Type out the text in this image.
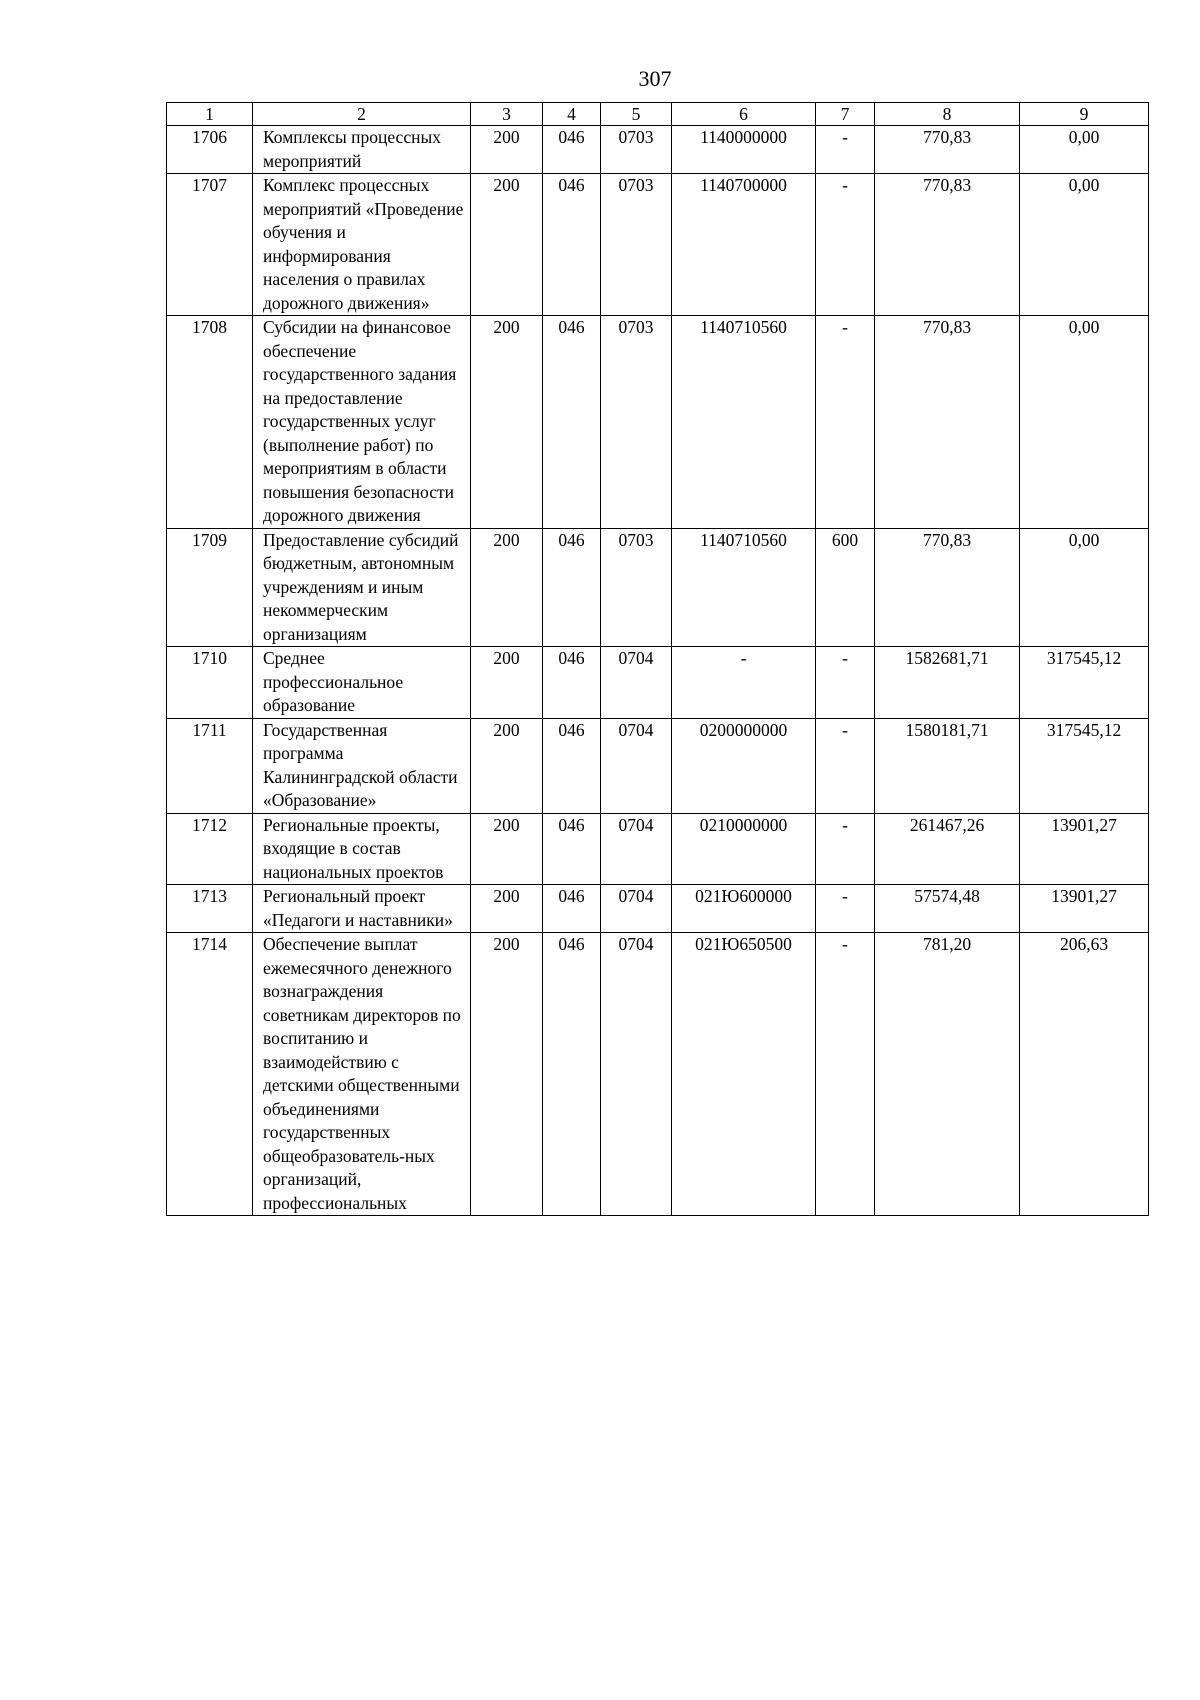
307
1	2	3	4	5	6	7	8	9
1706	Комплексы процессных мероприятий	200	046	0703	1140000000	-	770,83	0,00
1707	Комплекс процессных мероприятий «Проведение обучения и информирования населения о правилах дорожного движения»	200	046	0703	1140700000	-	770,83	0,00
1708	Субсидии на финансовое обеспечение государственного задания на предоставление государственных услуг (выполнение работ) по мероприятиям в области повышения безопасности дорожного движения	200	046	0703	1140710560	-	770,83	0,00
1709	Предоставление субсидий бюджетным, автономным учреждениям и иным некоммерческим организациям	200	046	0703	1140710560	600	770,83	0,00
1710	Среднее профессиональное образование	200	046	0704	-	-	1582681,71	317545,12
1711	Государственная программа Калининградской области «Образование»	200	046	0704	0200000000	-	1580181,71	317545,12
1712	Региональные проекты, входящие в состав национальных проектов	200	046	0704	0210000000	-	261467,26	13901,27
1713	Региональный проект «Педагоги и наставники»	200	046	0704	021Ю600000	-	57574,48	13901,27
1714	Обеспечение выплат ежемесячного денежного вознаграждения советникам директоров по воспитанию и взаимодействию с детскими общественными объединениями государственных общеобразователь-ных организаций, профессиональных	200	046	0704	021Ю650500	-	781,20	206,63
